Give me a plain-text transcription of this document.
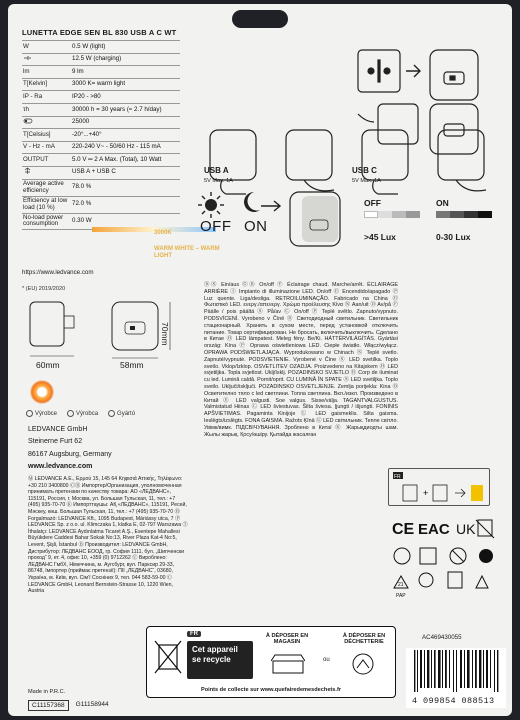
LUNETTA EDGE SEN BL 830 USB A C WT
W	0.5 W (light)
12.5 W (charging)
lm	9 lm
T[Kelvin]	3000 K= warm light
IP - Ra	IP20 - >80
τh	30000 h = 30 years (≈ 2.7 h/day)
25000
T[Celsius]	-20°...+40°
V - Hz - mA	220-240 V~ - 50/60 Hz - 115 mA
OUTPUT	5.0 V ═ 2 A Max. (Total), 10 Watt
USB A + USB C
Average active efficiency	78.0 %
Efficiency at low load (10 %)	72.0 %
No-load power consumption	0.30 W
https://www.ledvance.com
* (EU) 2019/2020
3000K
WARM WHITE – WARM LIGHT
60mm	58mm
70mm
Výrobce	Výrobca	Gyártó
LEDVANCE GmbH
Steinerne Furt 62
86167 Augsburg, Germany
www.ledvance.com
Ⓜ LEDVANCE A.E., Ερμού 15, 145 64 Κηφισιά Αττικής, Τηλέφωνο: +30 210 3400800 ⒸⓇ Импортер/Организация, уполномоченная принимать претензии по качеству товара: АО «ЛЕДВАНС», 115191, Россия, г. Москва, ул. Большая Тульская, 11, тел.: +7 (495) 935-70-70 Ⓚ Импорттаушы: АҚ «ЛЕДВАНС», 115191, Ресей, Мәскеу, көш. Большая Тульская, 11, тел.: +7 (495) 935-70-70 Ⓗ Forgalmazó: LEDVANCE Kft., 1095 Budapest, Máriássy utca, 7 Ⓟ LEDVANCE Sp. z o.o. ul. Klimczaka 1, klatka E, 02-797 Warszawa Ⓣ İthalatçı: LEDVANCE Aydınlatma Ticaret A.Ş., Esentepe Mahallesi Büyükdere Caddesi Bahar Sokak No:13, River Plaza Kat-4 No:5, Levent, Şişli, İstanbul Ⓑ Производител: LEDVANCE GmbH, Дистрибутор: ЛЕДВАНС ЕООД, гр. София 1111, бул. „Шипченски проход“ 9, ет. 4, офис 10, +359 (0) 9712262 Ⓤ Вироблено: ЛЕДВАНС ГмбХ, Німеччина, м. Аугсбург, вул. Парксир 29-33, 86748, Імпортер (приймає претензії): ПІІ „ЛЕДВАНС“, 03680, Україна, м. Київ, вул. Сім'ї Сосніних 9, тел. 044 583-59-00 Ⓒ LEDVANCE GmbH, Leonard Bernstein-Strasse 10, 1220 Wien, Austria
Made in P.R.C.
C11157368	G11158944
USB A
5V Max. 1A
USB C
5V Max. 1A
OFF ON
OFF	ON
>45 Lux	0-30 Lux
ⒹⓈ Ein/aus ⒼⒷ On/off Ⓕ Éclairage chaud. Marche/arrêt. ÉCLAIRAGE ARRIÈRE Ⓘ Impianto di illuminazione LED. On/off Ⓔ Encendido/apagado Ⓟ Luz quente. Liga/desliga. RETROILUMINAÇÃO. Fabricado na China Ⓖ Φωτιστικό LED. ενεργ./απενεργ. Χρώμα προέλευσης Κίνα Ⓝ Aan/uit Ⓓ Av/på Ⓕ Päälle / pois päältä Ⓢ På/av Ⓒ On/off Ⓟ Teplé světlo. Zapnuto/vypnuto. PODSVÍCENÍ. Vyrobeno v Číně Ⓡ Светодиодный светильник. Светильник стационарный. Хранить в сухом месте, перед установкой отключить питание. Товар сертифицирован. Не бросать, включить/выключить. Сделано в Китае Ⓗ LED lámpatest. Meleg fény. Be/Ki. HÁTTÉRVILÁGÍTÁS. Gyártási ország: Kína Ⓟ Oprawa oświetleniowa LED. Ciepłe światło. Włącz/wyłącz. OPRAWA PODŚWIETLAJĄCA. Wyprodukowano w Chinach Ⓢ Teplé svetlo. Zapnuté/vypnuté. PODSVIETENIE. Vyrobené v Číne Ⓢ LED svetilka. Toplo svetlo. Vklop/Izklop. OSVETLITEV OZADJA. Proizvedeno na Kitajskem Ⓗ LED svjetiljka. Topla svjetlost. Uklj/Isklj. POZADINSKO SVJETLO Ⓡ Corp de iluminat cu led. Lumină caldă. Pornit/oprit. CU LUMINĂ ÎN SPATE Ⓢ LED svetiljka. Toplo svetlo. Uključi/isključi. POZADINSKO OSVETLJENJE. Zemlja porijekla: Kina Ⓑ Осветително тяло с led светлини. Топла светлина. Вкл./изкл. Произведено в Китай Ⓔ LED valgusti. Soe valgus. Sisse/välja. TAGANTVALGUSTUS. Valmistatud Hiinas Ⓛ LED šviestuvas. Šilta šviesa. Įjungti / išjungti. FONINIS APŠVIETIMAS. Pagaminta Kinijoje Ⓛ LED gaismeklis. Silta gaisma. Ieslēgts/izslēgts. FONA GAISMA. Ražots Ķīnā Ⓤ LED світильник. Тепле світло. Увімк/вимк. ПІДСВІЧУВАННЯ. Зроблено в Китаї Ⓚ Жарықдиодты шам. Жылы жарық. Қосу/өшіру. Қытайда жасалған
FR
+
CE EAC UK
PAP
21
AC469430055
FR
Cet appareil se recycle
À DÉPOSER EN MAGASIN
ou
À DÉPOSER EN DÉCHETTERIE
Points de collecte sur www.quefairedemesdechets.fr
4 099854 088513
